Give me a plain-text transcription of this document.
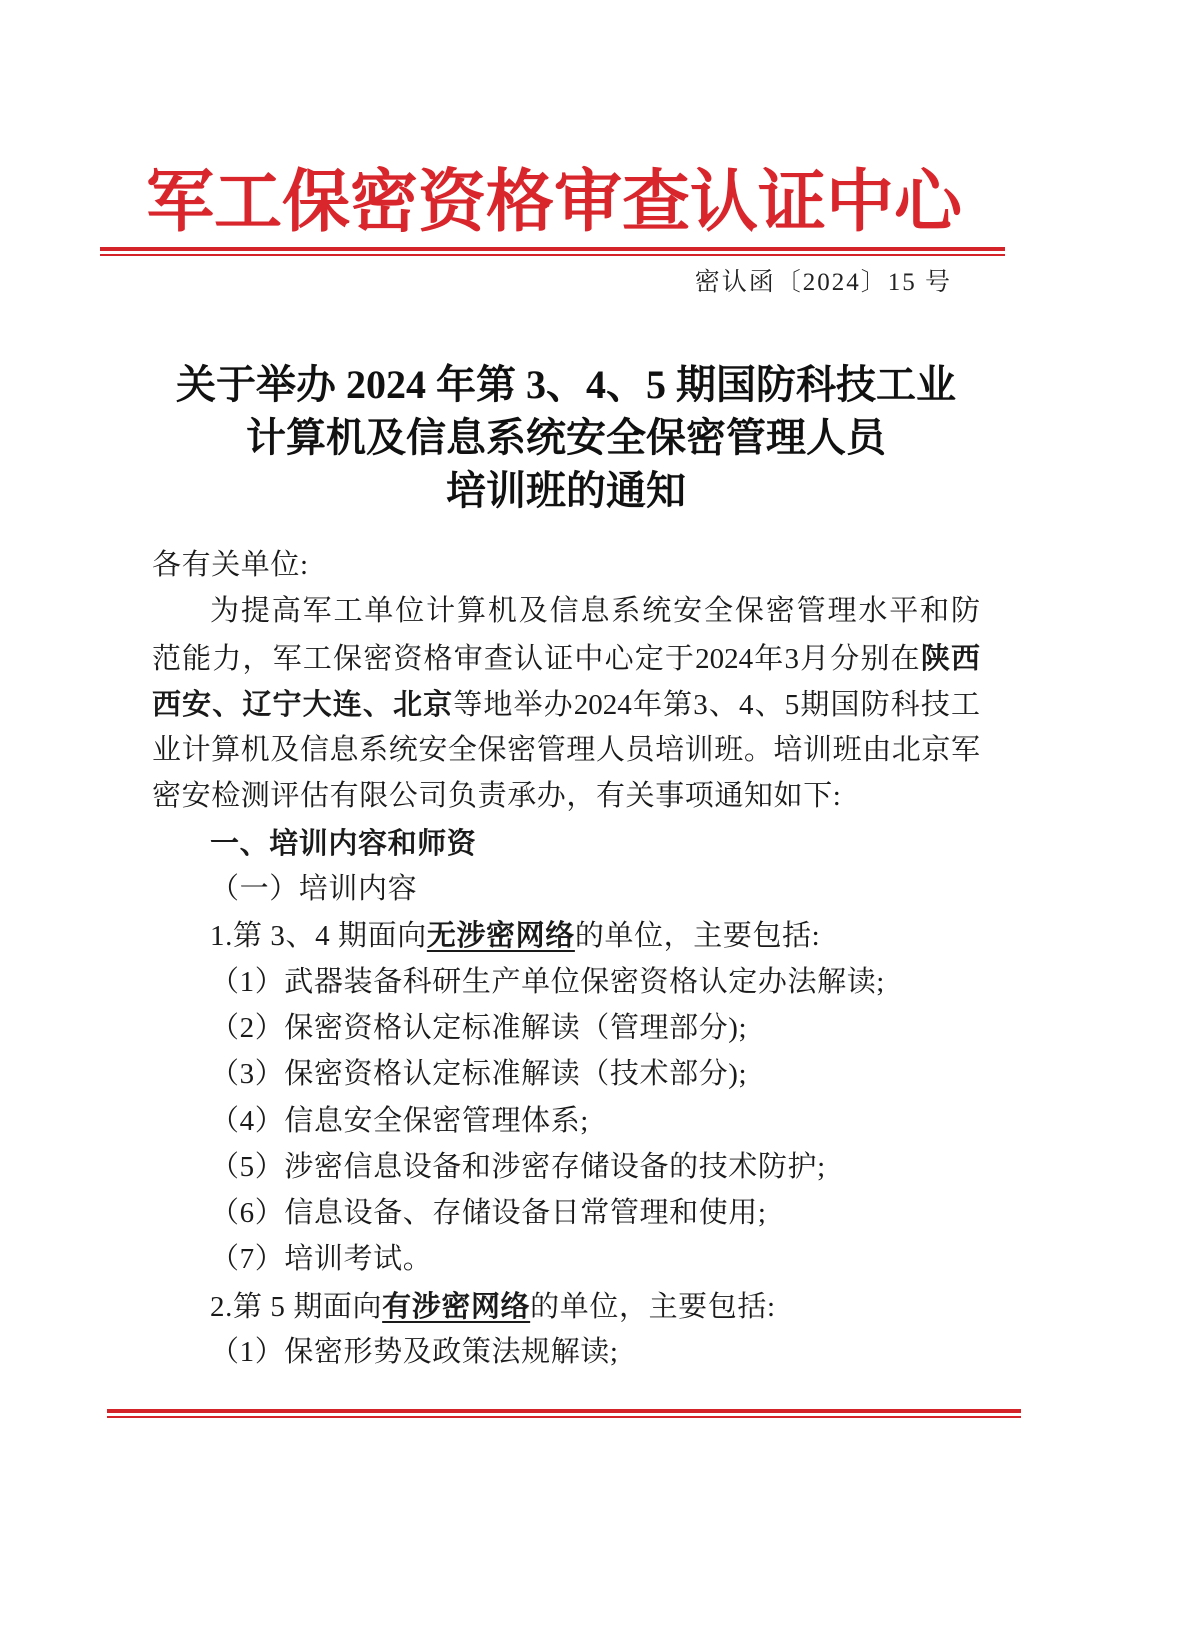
军工保密资格审查认证中心
密认函〔2024〕15 号
关于举办 2024 年第 3、4、5 期国防科技工业
计算机及信息系统安全保密管理人员
培训班的通知
各有关单位:
为提高军工单位计算机及信息系统安全保密管理水平和防
范能力，军工保密资格审查认证中心定于2024年3月分别在陕西
西安、辽宁大连、北京等地举办2024年第3、4、5期国防科技工
业计算机及信息系统安全保密管理人员培训班。培训班由北京军
密安检测评估有限公司负责承办，有关事项通知如下:
一、培训内容和师资
（一）培训内容
1.第 3、4 期面向无涉密网络的单位，主要包括:
（1）武器装备科研生产单位保密资格认定办法解读;
（2）保密资格认定标准解读（管理部分);
（3）保密资格认定标准解读（技术部分);
（4）信息安全保密管理体系;
（5）涉密信息设备和涉密存储设备的技术防护;
（6）信息设备、存储设备日常管理和使用;
（7）培训考试。
2.第 5 期面向有涉密网络的单位，主要包括:
（1）保密形势及政策法规解读;
